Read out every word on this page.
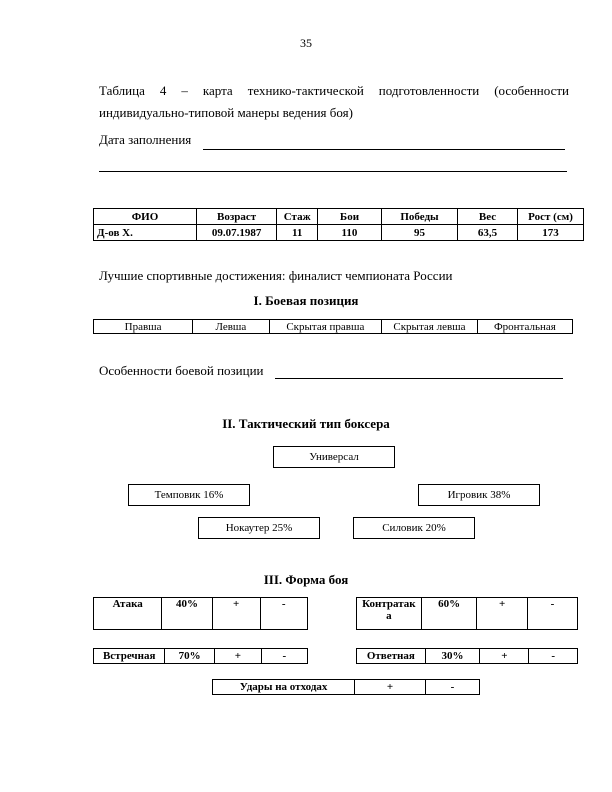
35
Таблица 4 – карта технико-тактической подготовленности (особенности индивидуально-типовой манеры ведения боя)
Дата заполнения
ФИО	Возраст	Стаж	Бои	Победы	Вес	Рост (см)
Д-ов Х.	09.07.1987	11	110	95	63,5	173
Лучшие спортивные достижения: финалист чемпионата России
I. Боевая позиция
Правша	Левша	Скрытая правша	Скрытая левша	Фронтальная
Особенности боевой позиции
II. Тактический тип боксера
Универсал
Темповик 16%	Игровик 38%
Нокаутер 25%	Силовик 20%
III. Форма боя
Атака	40%	+	-	Контратака	60%	+	-
Встречная	70%	+	-	Ответная	30%	+	-
Удары на отходах	+	-
